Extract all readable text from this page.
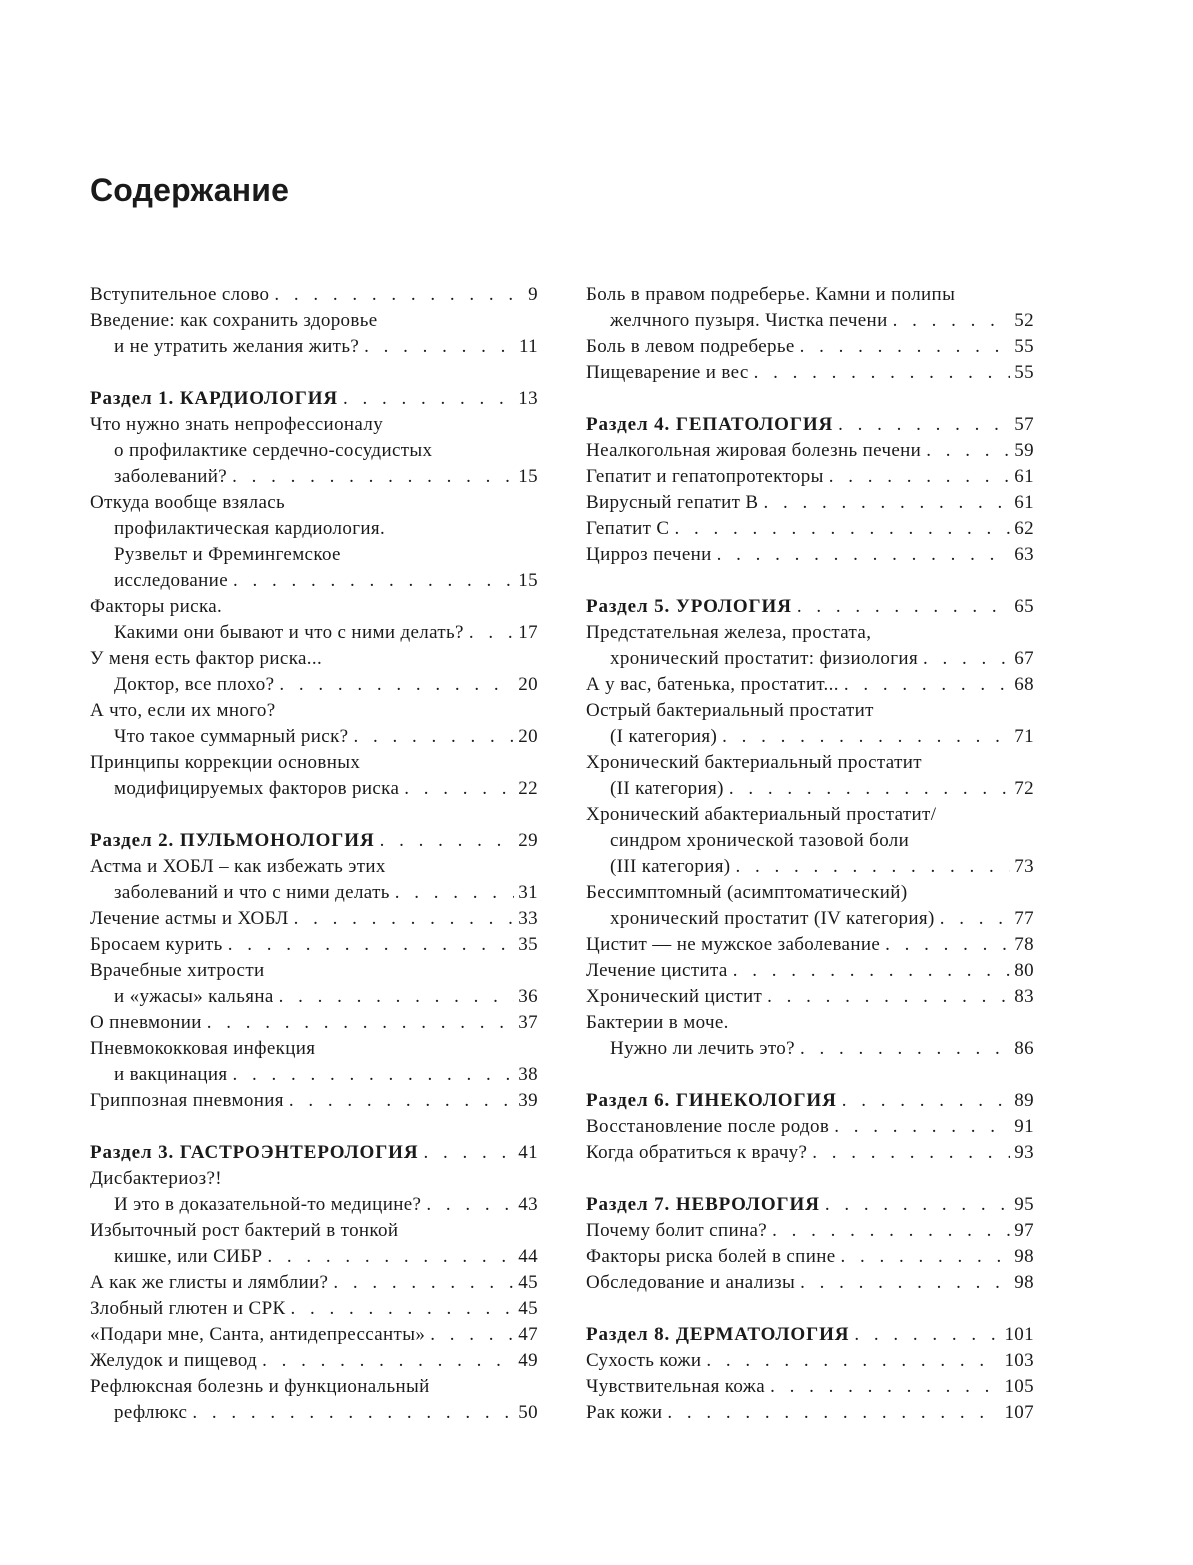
Содержание
Вступительное слово . . .	9
Введение: как сохранить здоровье
и не утратить желания жить? . . .	11
Раздел 1. КАРДИОЛОГИЯ . . .	13
Что нужно знать непрофессионалу
о профилактике сердечно-сосудистых
заболеваний? . . .	15
Откуда вообще взялась
профилактическая кардиология.
Рузвельт и Фремингемское
исследование . . .	15
Факторы риска.
Какими они бывают и что с ними делать? . . .	17
У меня есть фактор риска...
Доктор, все плохо? . . .	20
А что, если их много?
Что такое суммарный риск? . . .	20
Принципы коррекции основных
модифицируемых факторов риска . . .	22
Раздел 2. ПУЛЬМОНОЛОГИЯ . . .	29
Астма и ХОБЛ – как избежать этих
заболеваний и что с ними делать . . .	31
Лечение астмы и ХОБЛ . . .	33
Бросаем курить . . .	35
Врачебные хитрости
и «ужасы» кальяна . . .	36
О пневмонии . . .	37
Пневмококковая инфекция
и вакцинация . . .	38
Гриппозная пневмония . . .	39
Раздел 3. ГАСТРОЭНТЕРОЛОГИЯ . . .	41
Дисбактериоз?!
И это в доказательной-то медицине? . . .	43
Избыточный рост бактерий в тонкой
кишке, или СИБР . . .	44
А как же глисты и лямблии? . . .	45
Злобный глютен и СРК . . .	45
«Подари мне, Санта, антидепрессанты» . . .	47
Желудок и пищевод . . .	49
Рефлюксная болезнь и функциональный
рефлюкс . . .	50
Боль в правом подреберье. Камни и полипы
желчного пузыря. Чистка печени . . .	52
Боль в левом подреберье . . .	55
Пищеварение и вес . . .	55
Раздел 4. ГЕПАТОЛОГИЯ . . .	57
Неалкогольная жировая болезнь печени . . .	59
Гепатит и гепатопротекторы . . .	61
Вирусный гепатит В . . .	61
Гепатит С . . .	62
Цирроз печени . . .	63
Раздел 5. УРОЛОГИЯ . . .	65
Предстательная железа, простата,
хронический простатит: физиология . . .	67
А у вас, батенька, простатит... . . .	68
Острый бактериальный простатит
(I категория) . . .	71
Хронический бактериальный простатит
(II категория) . . .	72
Хронический абактериальный простатит/
синдром хронической тазовой боли
(III категория) . . .	73
Бессимптомный (асимптоматический)
хронический простатит (IV категория) . . .	77
Цистит — не мужское заболевание . . .	78
Лечение цистита . . .	80
Хронический цистит . . .	83
Бактерии в моче.
Нужно ли лечить это? . . .	86
Раздел 6. ГИНЕКОЛОГИЯ . . .	89
Восстановление после родов . . .	91
Когда обратиться к врачу? . . .	93
Раздел 7. НЕВРОЛОГИЯ . . .	95
Почему болит спина? . . .	97
Факторы риска болей в спине . . .	98
Обследование и анализы . . .	98
Раздел 8. ДЕРМАТОЛОГИЯ . . .	101
Сухость кожи . . .	103
Чувствительная кожа . . .	105
Рак кожи . . .	107
